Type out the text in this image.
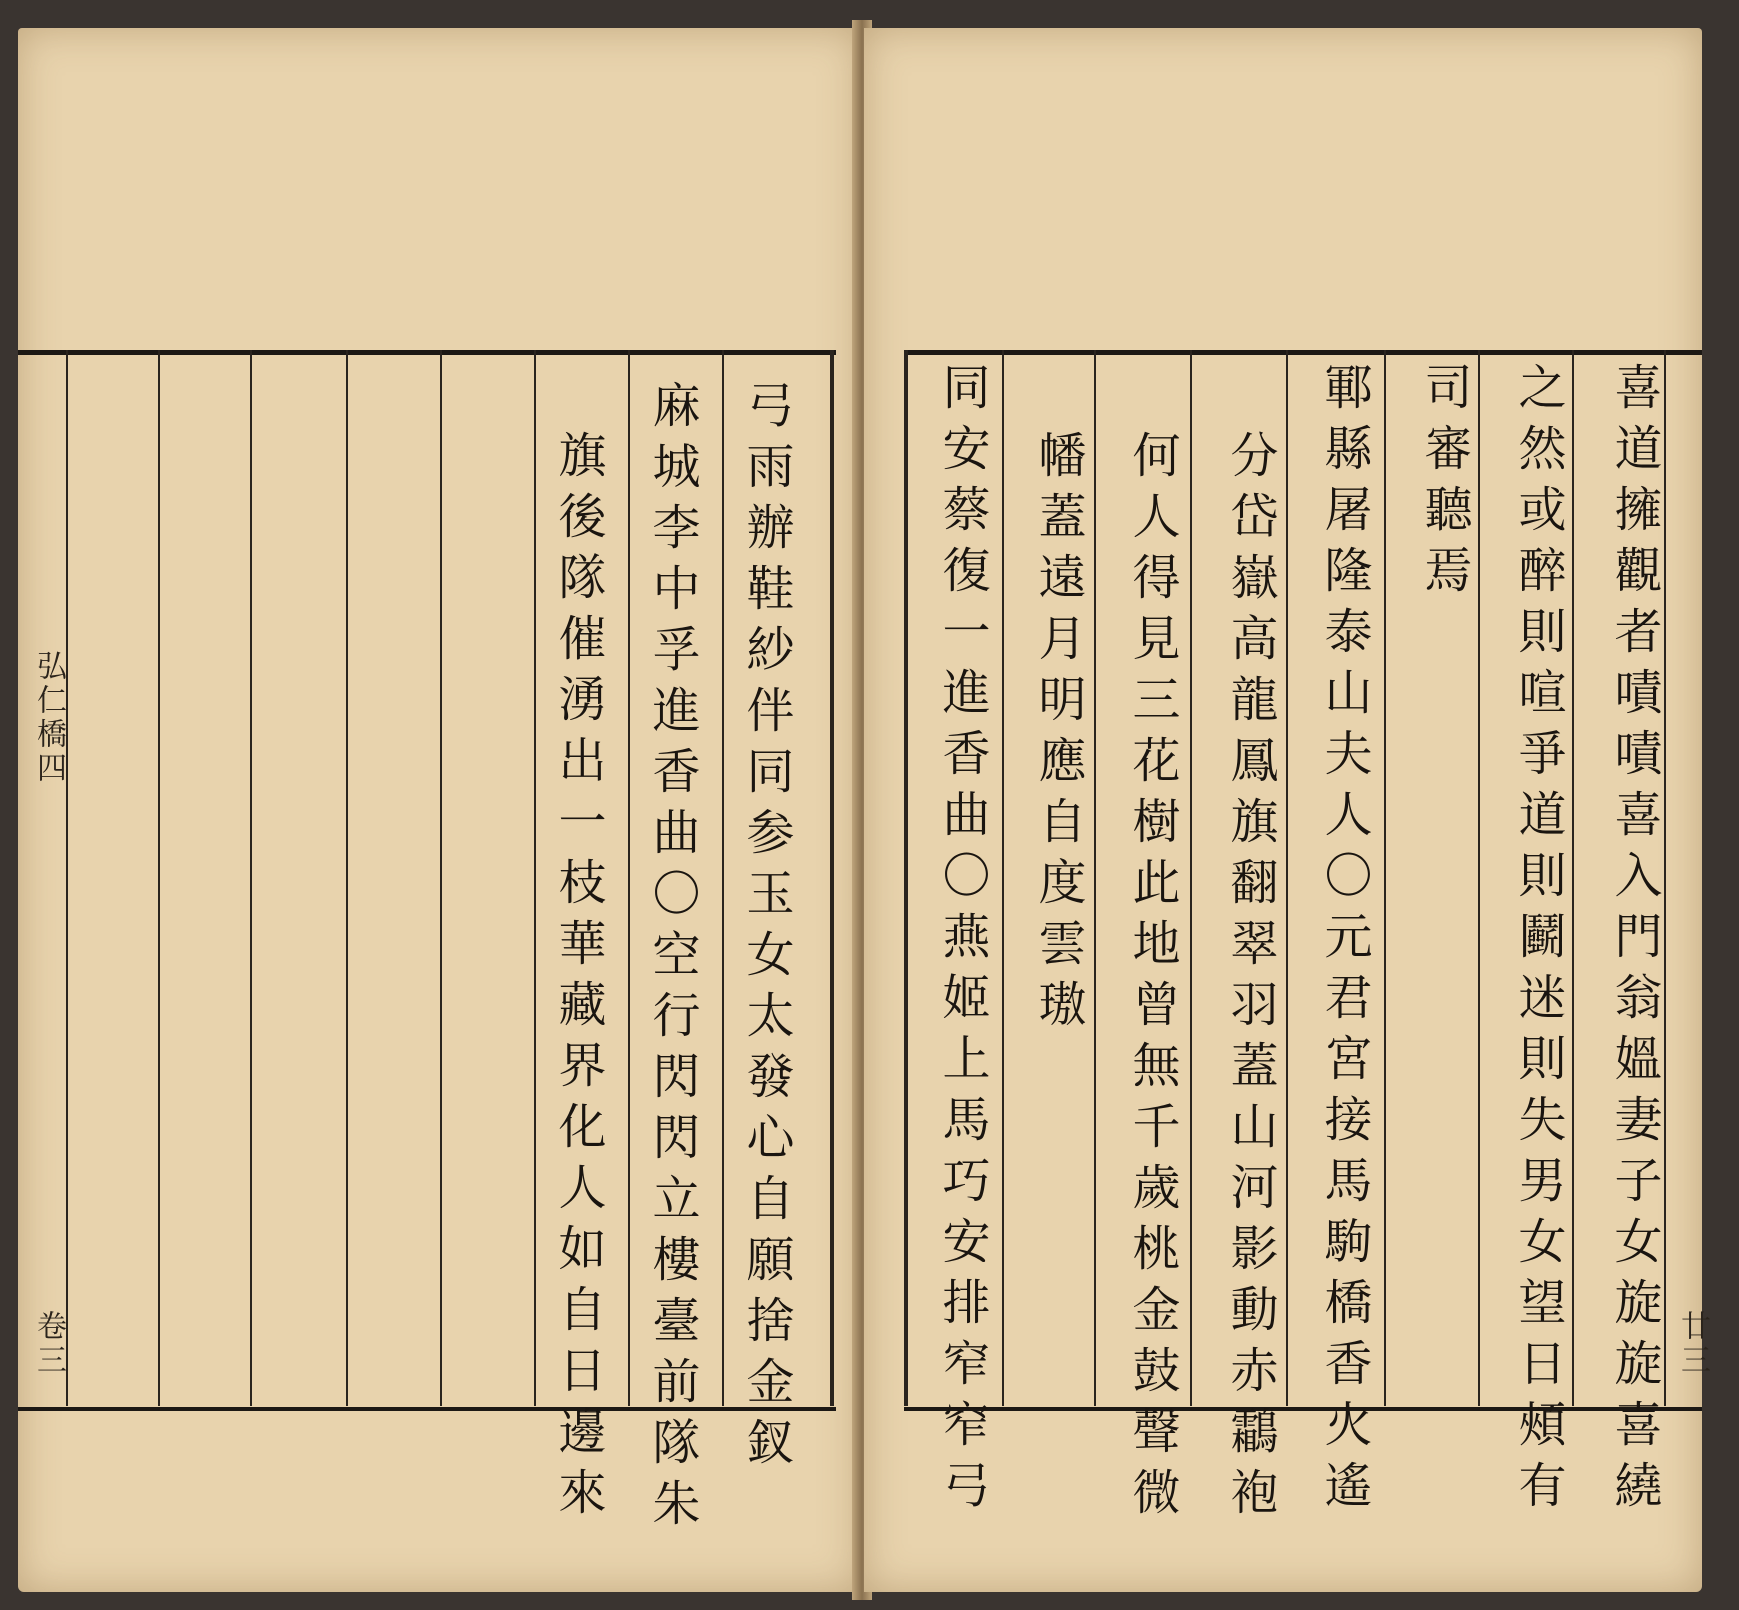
弓雨辦鞋紗伴同参玉女太發心自願捨金釵
麻城李中孚進香曲〇空行閃閃立樓臺前隊朱
旗後隊催湧出一枝華藏界化人如自日邊來
弘仁橋四
卷三	喜道擁觀者嘖嘖喜入門翁媼妻子女旋旋喜繞
之然或醉則喧爭道則鬬迷則失男女望日頰有
司審聽焉
鄆縣屠隆泰山夫人〇元君宮接馬駒橋香火遙
分岱嶽高龍鳳旗翻翠羽蓋山河影動赤鸘袍
何人得見三花樹此地曾無千歲桃金鼓聲微
幡蓋遠月明應自度雲璈
同安蔡復一進香曲〇燕姬上馬巧安排窄窄弓	廿三
